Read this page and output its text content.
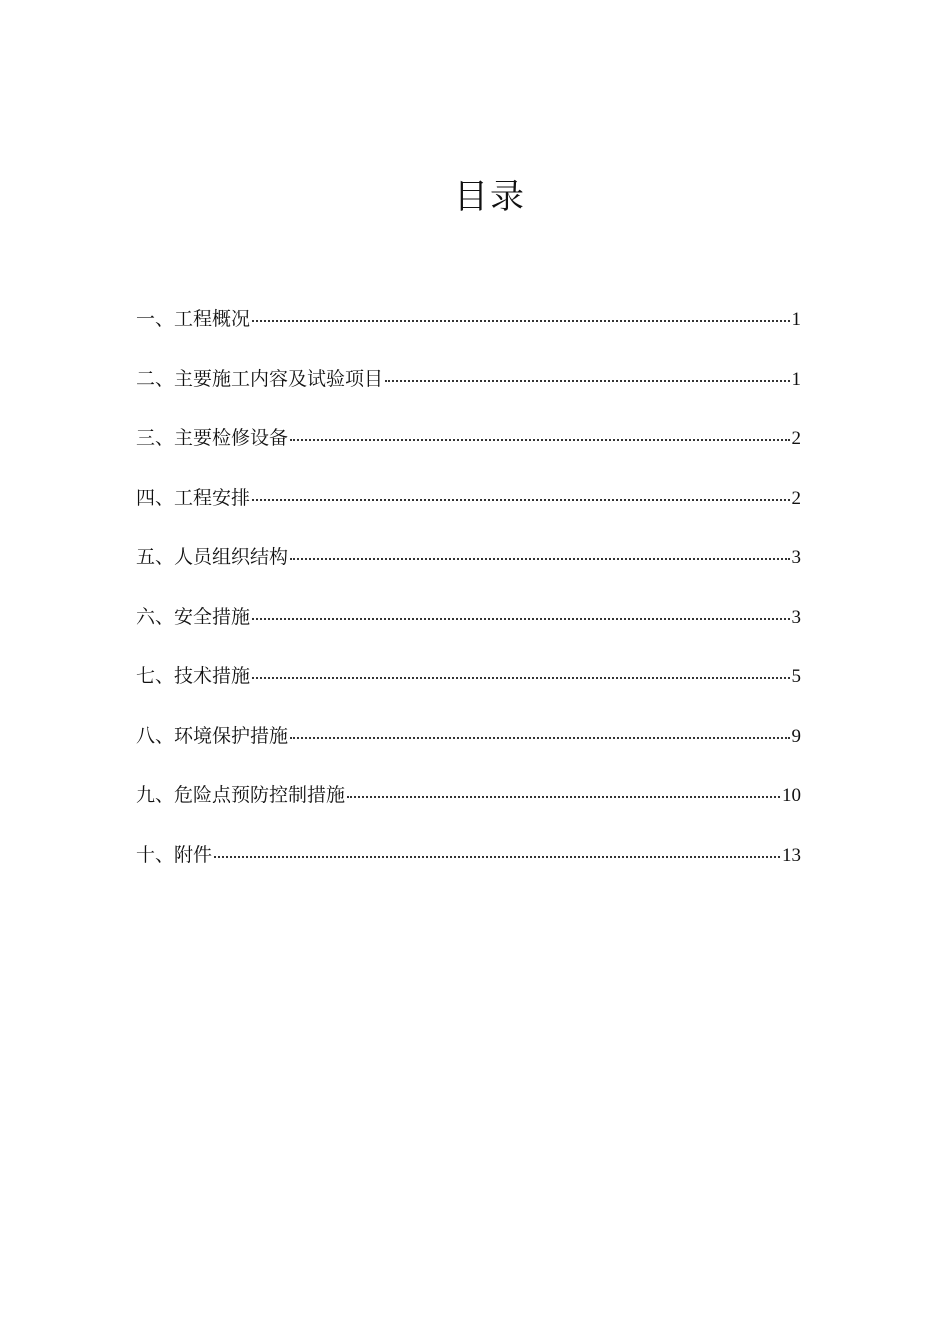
目录
一、工程概况	1
二、主要施工内容及试验项目	1
三、主要检修设备	2
四、工程安排	2
五、人员组织结构	3
六、安全措施	3
七、技术措施	5
八、环境保护措施	9
九、危险点预防控制措施	10
十、附件	13
